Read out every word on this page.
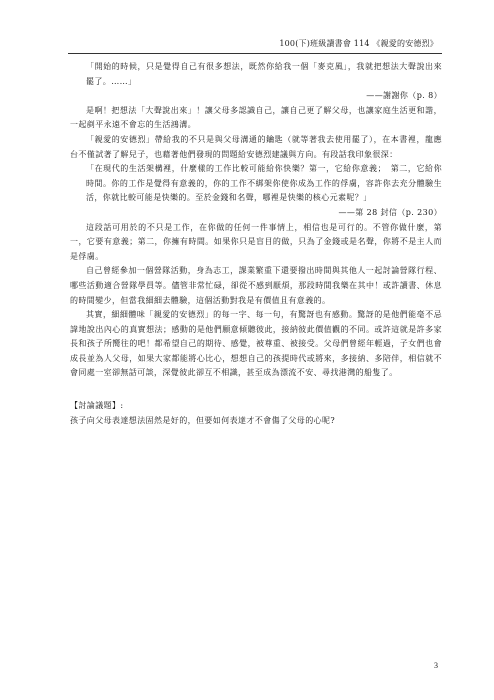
100(下)班級讀書會 114 《親愛的安德烈》

「開始的時候，只是覺得自己有很多想法，既然你給我一個「麥克風」，我就把想法大聲說出來罷了。……」

——謝謝你（p. 8）

是啊！把想法「大聲說出來」！讓父母多認識自己，讓自己更了解父母，也讓家庭生活更和諧，一起剷平永遠不會忘的生活鴻溝。

「親愛的安德烈」帶給我的不只是與父母溝通的鑰匙（就等著我去使用罷了），在本書裡，龍應台不僅試著了解兒子，也藉著他們發現的問題給安德烈建議與方向。有段話我印象很深：

「在現代的生活架構裡，什麼樣的工作比較可能給你快樂？第一，它給你意義；　第二，它給你時間。你的工作是覺得有意義的，你的工作不綁架你使你成為工作的俘虜，容許你去充分體驗生活，你就比較可能是快樂的。至於金錢和名聲，哪裡是快樂的核心元素呢？」

——第 28 封信（p. 230）

這段話可用於的不只是工作，在你做的任何一件事情上，相信也是可行的。不管你做什麼，第一，它要有意義；第二，你擁有時間。如果你只是盲目的做，只為了金錢或是名聲，你將不是主人而是俘虜。

自己曾經參加一個營隊活動，身為志工，課業繁重下還要撥出時間與其他人一起討論營隊行程、哪些活動適合營隊學員等。儘管非常忙碌，卻從不感到厭煩，那段時間我樂在其中！或許讀書、休息的時間變少，但當我細細去體驗，這個活動對我是有價值且有意義的。

其實，細細體味「親愛的安德烈」的每一字、每一句，有驚訝也有感動。驚訝的是他們能毫不忌諱地說出內心的真實想法；感動的是他們願意傾聽彼此，接納彼此價值觀的不同。或許這就是許多家長和孩子所嚮往的吧！都希望自己的期待、感覺，被尊重、被接受。父母們曾經年輕過，子女們也會成長並為人父母，如果大家都能將心比心，想想自己的孩提時代或將來，多接納、多陪伴，相信就不會同處一室卻無話可談，深覺彼此卻互不相識，甚至成為漂流不安、尋找港灣的船隻了。

【討論議題】:

孩子向父母表達想法固然是好的，但要如何表達才不會傷了父母的心呢?

3
